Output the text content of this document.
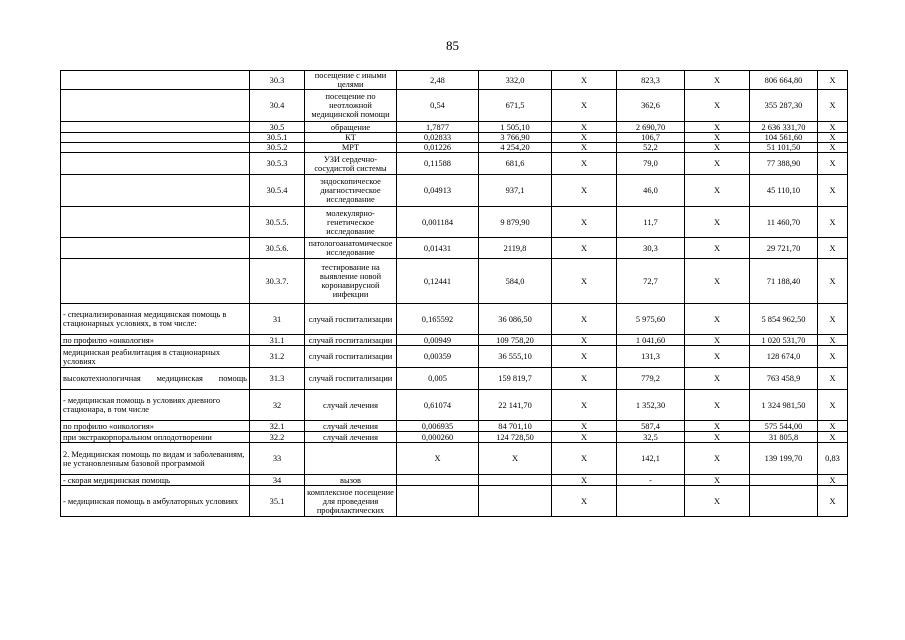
85
	30.3	посещение с иными целями	2,48	332,0	Х	823,3	Х	806 664,80	Х
	30.4	посещение по неотложной медицинской помощи	0,54	671,5	Х	362,6	Х	355 287,30	Х
	30.5	обращение	1,7877	1 505,10	Х	2 690,70	Х	2 636 331,70	Х
	30.5.1	КТ	0,02833	3 766,90	Х	106,7	Х	104 561,60	Х
	30.5.2	МРТ	0,01226	4 254,20	Х	52,2	Х	51 101,50	Х
	30.5.3	УЗИ сердечно-сосудистой системы	0,11588	681,6	Х	79,0	Х	77 388,90	Х
	30.5.4	эндоскопическое диагностическое исследование	0,04913	937,1	Х	46,0	Х	45 110,10	Х
	30.5.5.	молекулярно-генетическое исследование	0,001184	9 879,90	Х	11,7	Х	11 460,70	Х
	30.5.6.	патологоанатомическое исследование	0,01431	2119,8	Х	30,3	Х	29 721,70	Х
	30.3.7.	тестирование на выявление новой коронавирусной инфекции	0,12441	584,0	Х	72,7	Х	71 188,40	Х
- специализированная медицинская помощь в стационарных условиях, в том числе:	31	случай госпитализации	0,165592	36 086,50	Х	5 975,60	Х	5 854 962,50	Х
по профилю «онкология»	31.1	случай госпитализации	0,00949	109 758,20	Х	1 041,60	Х	1 020 531,70	Х
медицинская реабилитация в стационарных условиях	31.2	случай госпитализации	0,00359	36 555,10	Х	131,3	Х	128 674,0	Х
высокотехнологичная медицинская помощь	31.3	случай госпитализации	0,005	159 819,7	Х	779,2	Х	763 458,9	Х
- медицинская помощь в условиях дневного стационара, в том числе	32	случай лечения	0,61074	22 141,70	Х	1 352,30	Х	1 324 981,50	Х
по профилю «онкология»	32.1	случай лечения	0,006935	84 701,10	Х	587,4	Х	575 544,00	Х
при экстракорпоральном оплодотворении	32.2	случай лечения	0,000260	124 728,50	Х	32,5	Х	31 805,8	Х
2. Медицинская помощь по видам и заболеваниям, не установленным базовой программой	33		Х	Х	Х	142,1	Х	139 199,70	0,83
- скорая медицинская помощь	34	вызов			Х	-	Х		Х
- медицинская помощь в амбулаторных условиях	35.1	комплексное посещение для проведения профилактических			Х		Х		Х
